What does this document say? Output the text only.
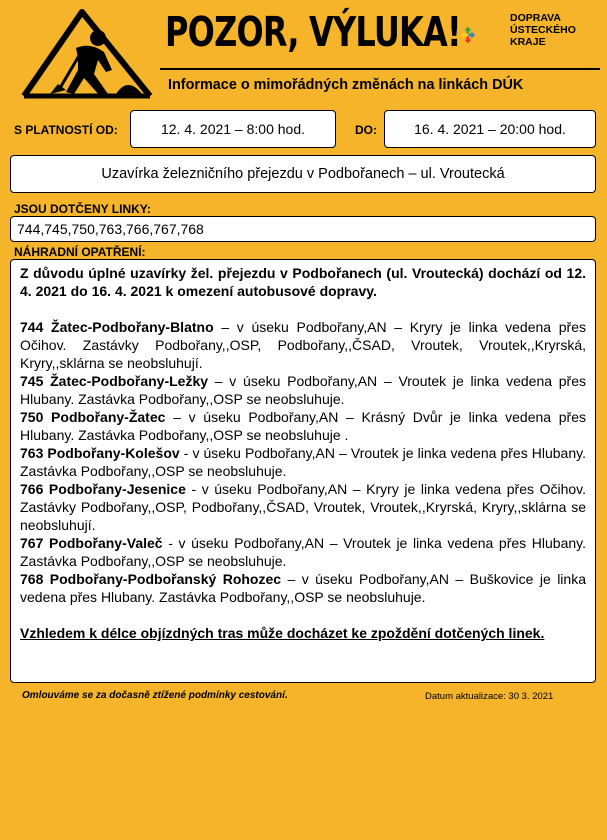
POZOR, VÝLUKA!	DOPRAVA
ÚSTECKÉHO
KRAJE
Informace o mimořádných změnách na linkách DÚK
S PLATNOSTÍ OD:	12. 4. 2021 – 8:00 hod.	DO:	16. 4. 2021 – 20:00 hod.
Uzavírka železničního přejezdu v Podbořanech – ul. Vroutecká
JSOU DOTČENY LINKY:
744,745,750,763,766,767,768
NÁHRADNÍ OPATŘENÍ:

Z důvodu úplné uzavírky žel. přejezdu v Podbořanech (ul. Vroutecká) dochází od 12. 4. 2021 do 16. 4. 2021 k omezení autobusové dopravy.

744 Žatec-Podbořany-Blatno – v úseku Podbořany,AN – Kryry je linka vedena přes Očihov. Zastávky Podbořany,,OSP, Podbořany,,ČSAD, Vroutek, Vroutek,,Kryrská, Kryry,,sklárna se neobsluhují.

745 Žatec-Podbořany-Ležky – v úseku Podbořany,AN – Vroutek je linka vedena přes Hlubany. Zastávka Podbořany,,OSP se neobsluhuje.

750 Podbořany-Žatec – v úseku Podbořany,AN – Krásný Dvůr je linka vedena přes Hlubany. Zastávka Podbořany,,OSP se neobsluhuje .

763 Podbořany-Kolešov - v úseku Podbořany,AN – Vroutek je linka vedena přes Hlubany. Zastávka Podbořany,,OSP se neobsluhuje.

766 Podbořany-Jesenice - v úseku Podbořany,AN – Kryry je linka vedena přes Očihov. Zastávky Podbořany,,OSP, Podbořany,,ČSAD, Vroutek, Vroutek,,Kryrská, Kryry,,sklárna se neobsluhují.

767 Podbořany-Valeč - v úseku Podbořany,AN – Vroutek je linka vedena přes Hlubany. Zastávka Podbořany,,OSP se neobsluhuje.

768 Podbořany-Podbořanský Rohozec – v úseku Podbořany,AN – Buškovice je linka vedena přes Hlubany. Zastávka Podbořany,,OSP se neobsluhuje.

Vzhledem k délce objízdných tras může docházet ke zpoždění dotčených linek.

Omlouváme se za dočasně ztížené podmínky cestování.	Datum aktualizace: 30 3. 2021
